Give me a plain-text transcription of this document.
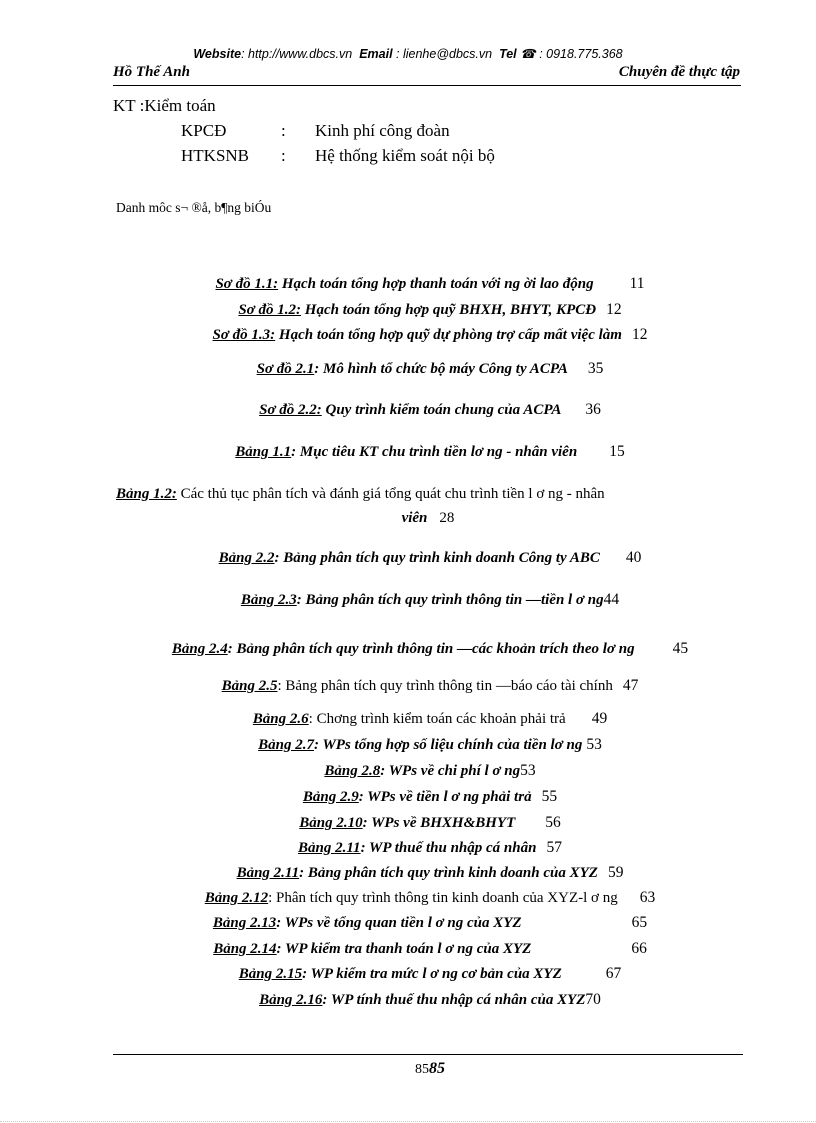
Website: http://www.dbcs.vn Email : lienhe@dbcs.vn Tel ☎ : 0918.775.368
Hồ Thế Anh	Chuyên đề thực tập
KT :Kiểm toán
KPCĐ	: Kinh phí công đoàn
HTKSNB : Hệ thống kiểm soát nội bộ
Danh môc s¬ ®å, b¶ng biÓu
Sơ đồ 1.1: Hạch toán tổng hợp thanh toán với ng ời lao động 11
Sơ đồ 1.2: Hạch toán tổng hợp quỹ BHXH, BHYT, KPCĐ 12
Sơ đồ 1.3: Hạch toán tổng hợp quỹ dự phòng trợ cấp mất việc làm 12
Sơ đồ 2.1: Mô hình tổ chức bộ máy Công ty ACPA 35
Sơ đồ 2.2: Quy trình kiểm toán chung của ACPA 36
Bảng 1.1: Mục tiêu KT chu trình tiền lơ ng - nhân viên 15
Bảng 1.2: Các thủ tục phân tích và đánh giá tổng quát chu trình tiền l ơ ng - nhân
viên 28
Bảng 2.2: Bảng phân tích quy trình kinh doanh Công ty ABC 40
Bảng 2.3: Bảng phân tích quy trình thông tin —tiền l ơ ng44
Bảng 2.4: Bảng phân tích quy trình thông tin —các khoản trích theo lơ ng 45
Bảng 2.5: Bảng phân tích quy trình thông tin —báo cáo tài chính 47
Bảng 2.6: Chơng trình kiểm toán các khoản phải trả 49
Bảng 2.7: WPs tổng hợp số liệu chính của tiền lơ ng 53
Bảng 2.8: WPs về chi phí l ơ ng53
Bảng 2.9: WPs về tiền l ơ ng phải trả 55
Bảng 2.10: WPs về BHXH&BHYT 56
Bảng 2.11: WP thuế thu nhập cá nhân 57
Bảng 2.11: Bảng phân tích quy trình kinh doanh của XYZ 59
Bảng 2.12: Phân tích quy trình thông tin kinh doanh của XYZ-l ơ ng 63
Bảng 2.13: WPs về tổng quan tiền l ơ ng của XYZ	65
Bảng 2.14: WP kiểm tra thanh toán l ơ ng của XYZ	66
Bảng 2.15: WP kiểm tra mức l ơ ng cơ bản của XYZ	67
Bảng 2.16: WP tính thuế thu nhập cá nhân của XYZ70
8585
